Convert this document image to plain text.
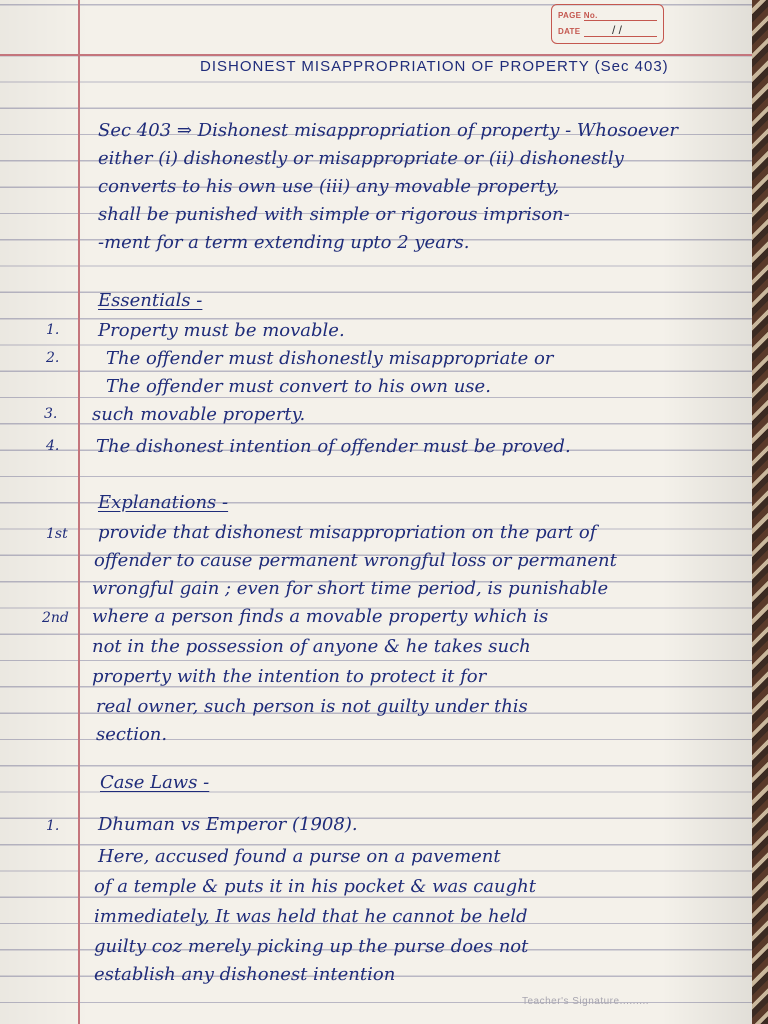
PAGE No.
DATE	/ /
DISHONEST MISAPPROPRIATION OF PROPERTY (Sec 403)
Sec 403 ⇒ Dishonest misappropriation of property - Whosoever
either (i) dishonestly or misappropriate or (ii) dishonestly
converts to his own use (iii) any movable property,
shall be punished with simple or rigorous imprison-
-ment for a term extending upto 2 years.
Essentials -
1. Property must be movable.
2.	The offender must dishonestly misappropriate or
The offender must convert to his own use.
3. such movable property.
4. The dishonest intention of offender must be proved.
Explanations -
1st provide that dishonest misappropriation on the part of
offender to cause permanent wrongful loss or permanent
wrongful gain ; even for short time period, is punishable
2nd where a person finds a movable property which is
not in the possession of anyone & he takes such
property with the intention to protect it for
real owner, such person is not guilty under this
section.
Case Laws -
1. Dhuman vs Emperor (1908).
Here, accused found a purse on a pavement
of a temple & puts it in his pocket & was caught
immediately, It was held that he cannot be held
guilty coz merely picking up the purse does not
establish any dishonest intention
Teacher's Signature.........
